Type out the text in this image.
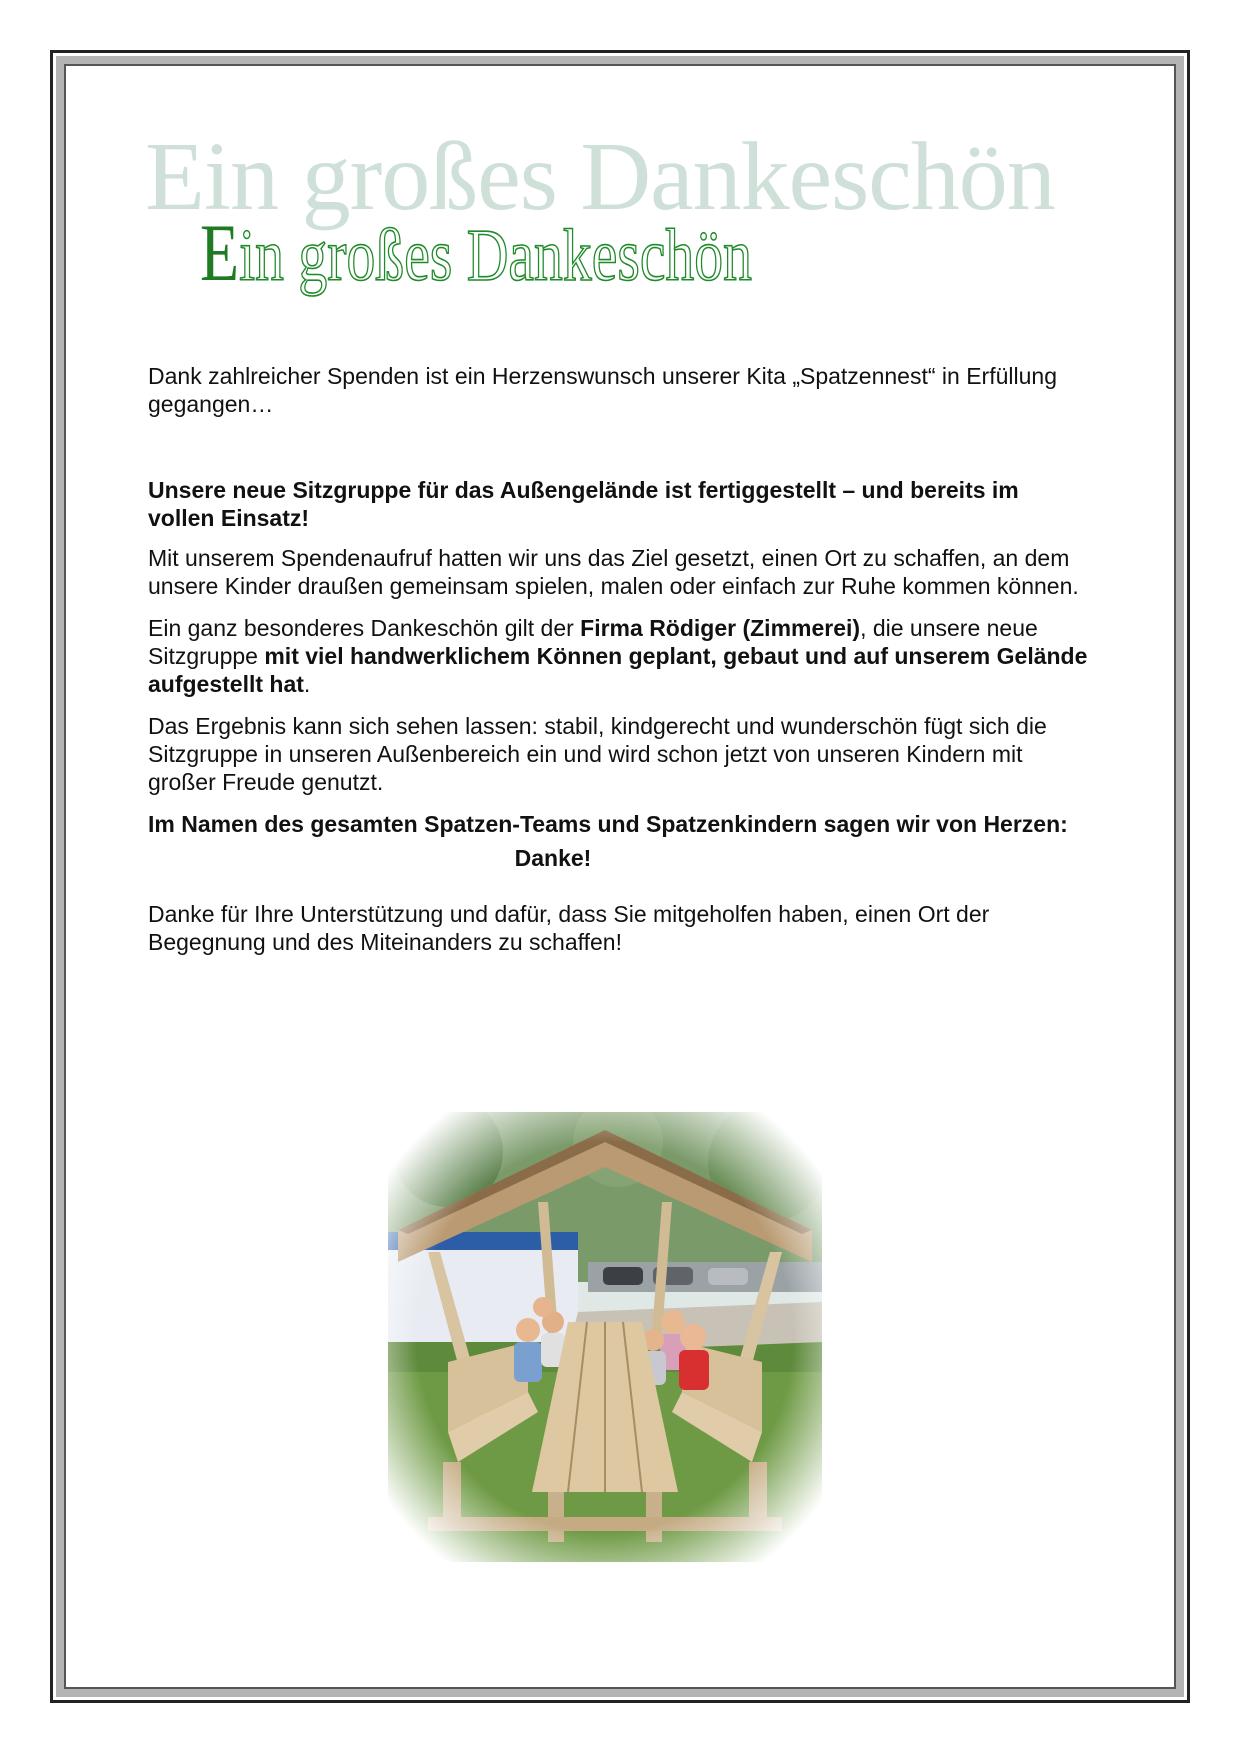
Ein großes Dankeschön
Ein großes Dankeschön

Dank zahlreicher Spenden ist ein Herzenswunsch unserer Kita „Spatzennest“ in Erfüllung gegangen…

Unsere neue Sitzgruppe für das Außengelände ist fertiggestellt – und bereits im vollen Einsatz!

Mit unserem Spendenaufruf hatten wir uns das Ziel gesetzt, einen Ort zu schaffen, an dem unsere Kinder draußen gemeinsam spielen, malen oder einfach zur Ruhe kommen können.

Ein ganz besonderes Dankeschön gilt der Firma Rödiger (Zimmerei), die unsere neue Sitzgruppe mit viel handwerklichem Können geplant, gebaut und auf unserem Gelände aufgestellt hat.

Das Ergebnis kann sich sehen lassen: stabil, kindgerecht und wunderschön fügt sich die Sitzgruppe in unseren Außenbereich ein und wird schon jetzt von unseren Kindern mit großer Freude genutzt.

Im Namen des gesamten Spatzen-Teams und Spatzenkindern sagen wir von Herzen:

Danke!

Danke für Ihre Unterstützung und dafür, dass Sie mitgeholfen haben, einen Ort der Begegnung und des Miteinanders zu schaffen!
